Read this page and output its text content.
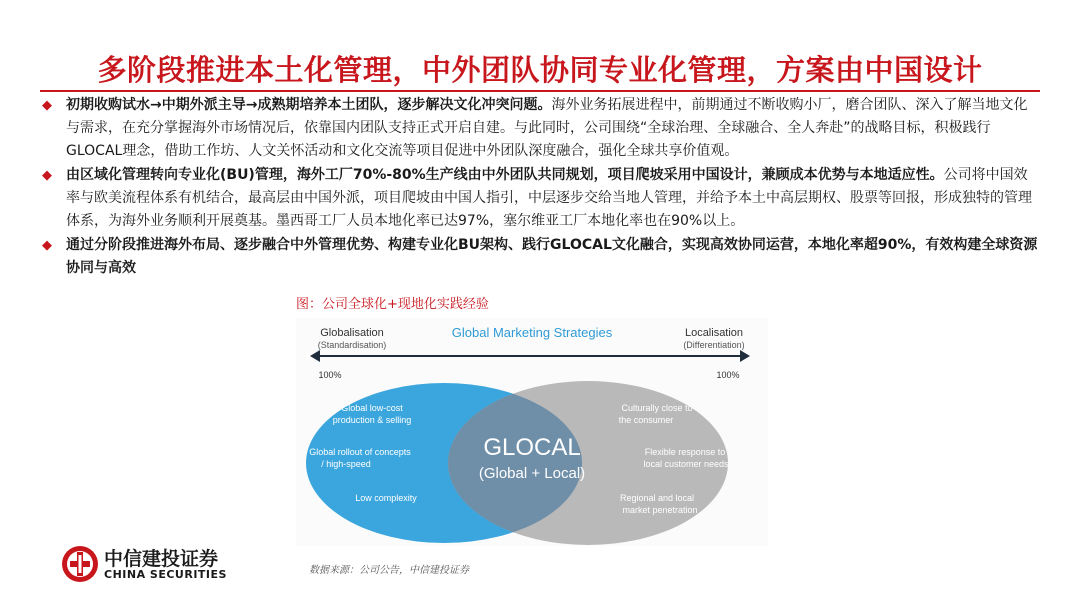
多阶段推进本土化管理，中外团队协同专业化管理，方案由中国设计
◆ 初期收购试水→中期外派主导→成熟期培养本土团队，逐步解决文化冲突问题。海外业务拓展进程中，前期通过不断收购小厂，磨合团队、深入了解当地文化与需求，在充分掌握海外市场情况后，依靠国内团队支持正式开启自建。与此同时，公司围绕“全球治理、全球融合、全人奔赴”的战略目标，积极践行GLOCAL理念，借助工作坊、人文关怀活动和文化交流等项目促进中外团队深度融合，强化全球共享价值观。
◆ 由区域化管理转向专业化(BU)管理，海外工厂70%-80%生产线由中外团队共同规划，项目爬坡采用中国设计，兼顾成本优势与本地适应性。公司将中国效率与欧美流程体系有机结合，最高层由中国外派，项目爬坡由中国人指引，中层逐步交给当地人管理，并给予本土中高层期权、股票等回报，形成独特的管理体系，为海外业务顺利开展奠基。墨西哥工厂人员本地化率已达97%，塞尔维亚工厂本地化率也在90%以上。
◆ 通过分阶段推进海外布局、逐步融合中外管理优势、构建专业化BU架构、践行GLOCAL文化融合，实现高效协同运营，本地化率超90%，有效构建全球资源协同与高效
图：公司全球化+现地化实践经验
Global Marketing Strategies
Globalisation
(Standardisation)
Localisation
(Differentiation)
100%	100%
Global low-cost
production & selling
Global rollout of concepts
/ high-speed
Low complexity
Culturally close to
the consumer
Flexible response to
local customer needs
Regional and local
market penetration
GLOCAL
(Global + Local)
数据来源：公司公告，中信建投证券
中信建投证券
CHINA SECURITIES
